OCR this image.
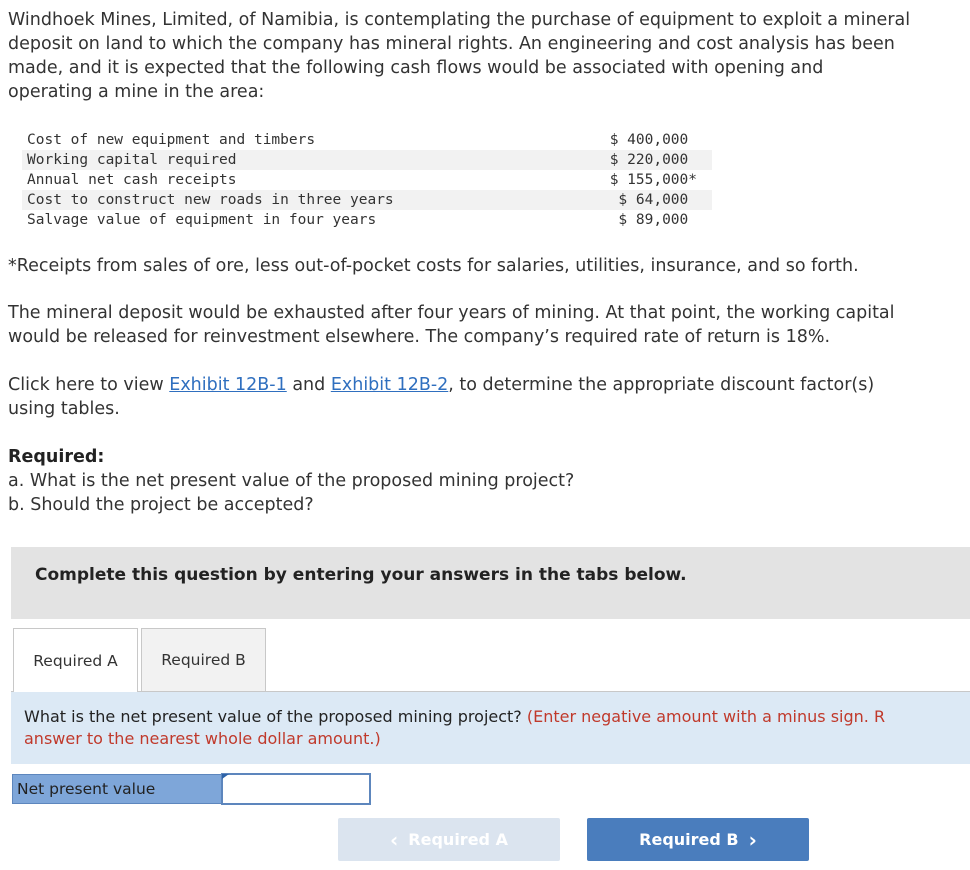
Windhoek Mines, Limited, of Namibia, is contemplating the purchase of equipment to exploit a mineral

deposit on land to which the company has mineral rights. An engineering and cost analysis has been

made, and it is expected that the following cash flows would be associated with opening and

operating a mine in the area:

Cost of new equipment and timbers	$ 400,000
Working capital required	$ 220,000
Annual net cash receipts	$ 155,000*
Cost to construct new roads in three years	$ 64,000
Salvage value of equipment in four years	$ 89,000

*Receipts from sales of ore, less out-of-pocket costs for salaries, utilities, insurance, and so forth.

The mineral deposit would be exhausted after four years of mining. At that point, the working capital

would be released for reinvestment elsewhere. The company’s required rate of return is 18%.

Click here to view Exhibit 12B-1 and Exhibit 12B-2, to determine the appropriate discount factor(s)

using tables.

Required:

a. What is the net present value of the proposed mining project?

b. Should the project be accepted?

Complete this question by entering your answers in the tabs below.
Required A	Required B
What is the net present value of the proposed mining project? (Enter negative amount with a minus sign. R
answer to the nearest whole dollar amount.)
Net present value
‹ Required A	Required B ›
